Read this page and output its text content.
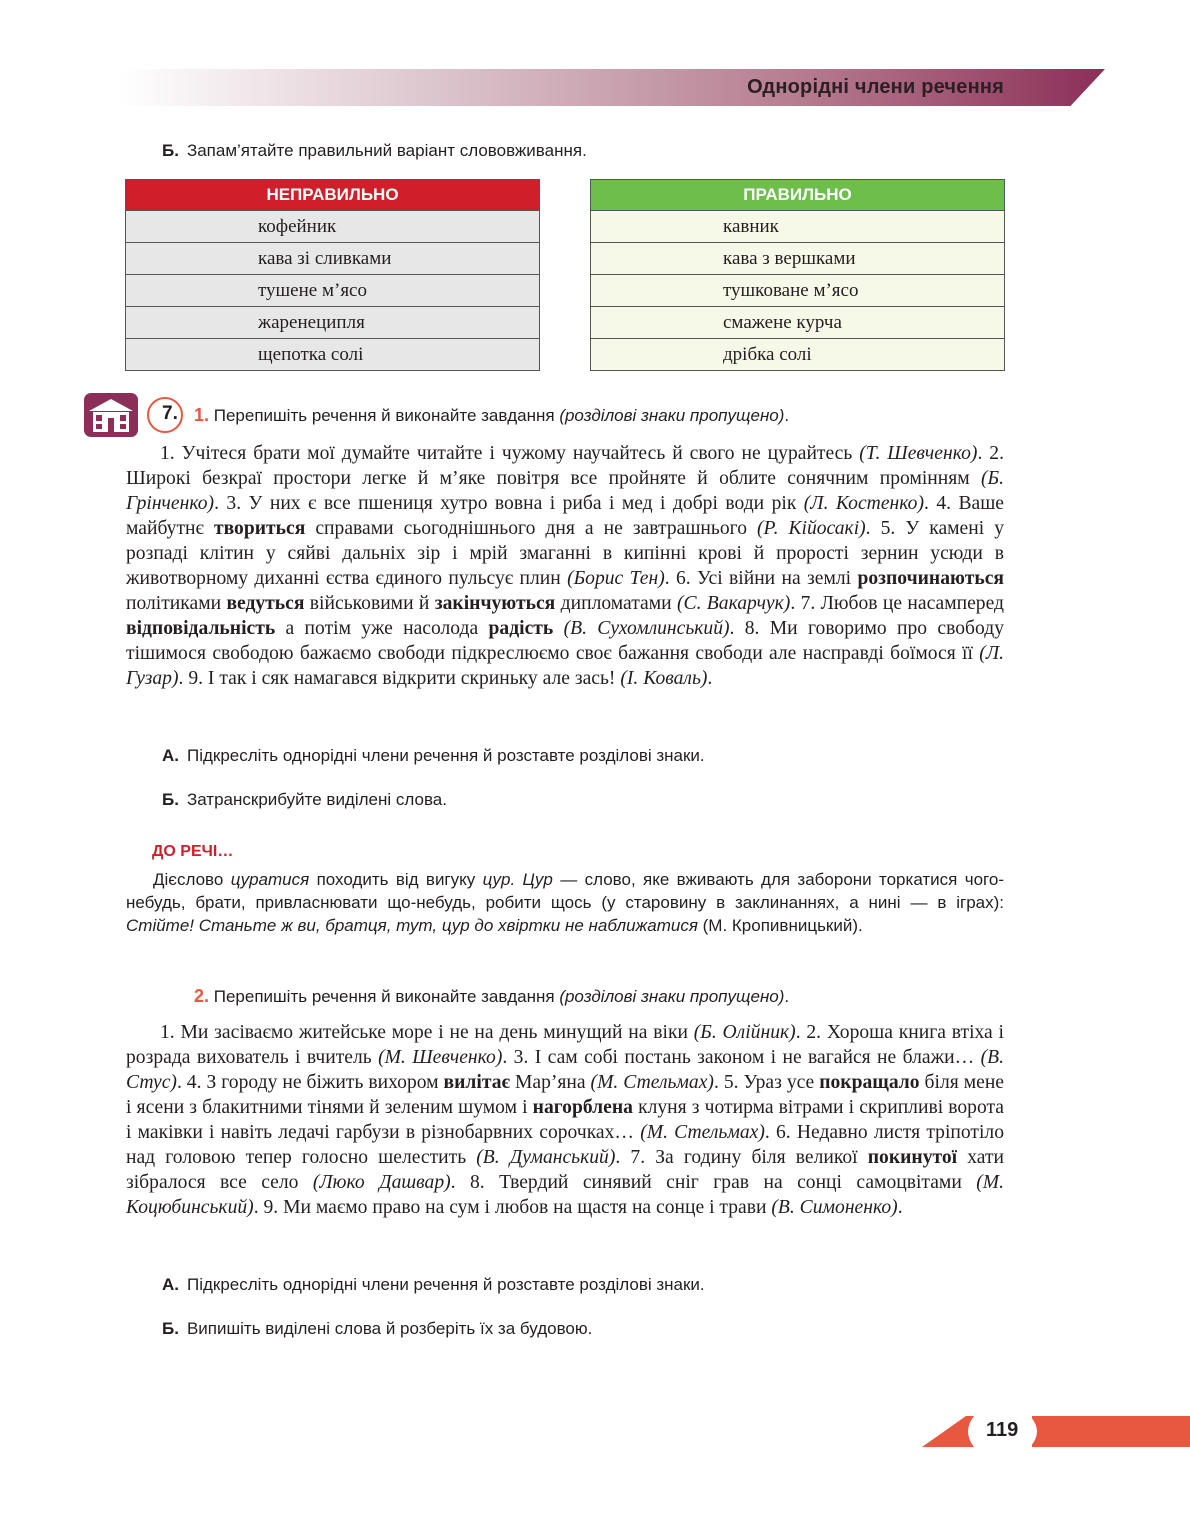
Однорідні члени речення
Б. Запам’ятайте правильний варіант слововживання.
НЕПРАВИЛЬНО
кофейник
кава зі сливками
тушене м’ясо
жаренеципля
щепотка солі
ПРАВИЛЬНО
кавник
кава з вершками
тушковане м’ясо
смажене курча
дрібка солі
7. 1. Перепишіть речення й виконайте завдання (розділові знаки пропущено).
1. Учітеся брати мої думайте читайте і чужому научайтесь й свого не цурайтесь (Т. Шевченко). 2. Широкі безкраї простори легке й м’яке повітря все пройняте й облите сонячним промінням (Б. Грінченко). 3. У них є все пшениця хутро вовна і риба і мед і добрі води рік (Л. Костенко). 4. Ваше майбутнє твориться справами сьогоднішнього дня а не завтрашнього (Р. Кійосакі). 5. У камені у розпаді клітин у сяйві дальніх зір і мрій змаганні в кипінні крові й прорості зернин усюди в животворному диханні єства єдиного пульсує плин (Борис Тен). 6. Усі війни на землі розпочинаються політиками ведуться військовими й закінчуються дипломатами (С. Вакарчук). 7. Любов це насамперед відповідальність а потім уже насолода радість (В. Сухомлинський). 8. Ми говоримо про свободу тішимося свободою бажаємо свободи підкреслюємо своє бажання свободи але насправді боїмося її (Л. Гузар). 9. І так і сяк намагався відкрити скриньку але зась! (І. Коваль).
А. Підкресліть однорідні члени речення й розставте розділові знаки.
Б. Затранскрибуйте виділені слова.
ДО РЕЧІ…
Дієслово цуратися походить від вигуку цур. Цур — слово, яке вживають для заборони торкатися чого-небудь, брати, привласнювати що-небудь, робити щось (у старовину в заклинаннях, а нині — в іграх): Стійте! Станьте ж ви, братця, тут, цур до хвіртки не наближатися (М. Кропивницький).
2. Перепишіть речення й виконайте завдання (розділові знаки пропущено).
1. Ми засіваємо житейське море і не на день минущий на віки (Б. Олійник). 2. Хороша книга втіха і розрада вихователь і вчитель (М. Шевченко). 3. І сам собі постань законом і не вагайся не блажи… (В. Стус). 4. З городу не біжить вихором вилітає Мар’яна (М. Стельмах). 5. Ураз усе покращало біля мене і ясени з блакитними тінями й зеленим шумом і нагорблена клуня з чотирма вітрами і скрипливі ворота і маківки і навіть ледачі гарбузи в різнобарвних сорочках… (М. Стельмах). 6. Недавно листя тріпотіло над головою тепер голосно шелестить (В. Думанський). 7. За годину біля великої покинутої хати зібралося все село (Люко Дашвар). 8. Твердий синявий сніг грав на сонці самоцвітами (М. Коцюбинський). 9. Ми маємо право на сум і любов на щастя на сонце і трави (В. Симоненко).
А. Підкресліть однорідні члени речення й розставте розділові знаки.
Б. Випишіть виділені слова й розберіть їх за будовою.
119
